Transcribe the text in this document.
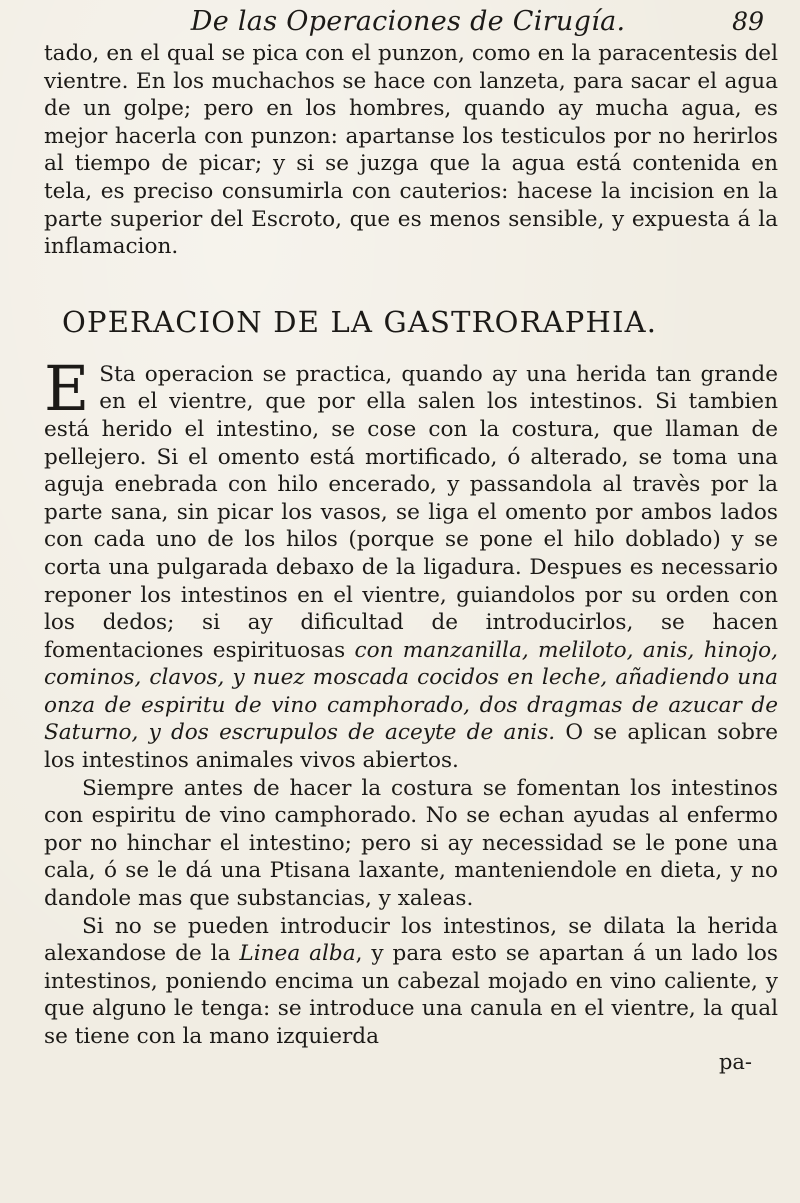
De las Operaciones de Cirugía.	89

tado, en el qual se pica con el punzon, como en la paracentesis del vientre. En los muchachos se hace con lanzeta, para sacar el agua de un golpe; pero en los hombres, quando ay mucha agua, es mejor hacerla con punzon: apartanse los testiculos por no herirlos al tiempo de picar; y si se juzga que la agua está contenida en tela, es preciso consumirla con cauterios: hacese la incision en la parte superior del Escroto, que es menos sensible, y expuesta á la inflamacion.

OPERACION DE LA GASTRORAPHIA.

E Sta operacion se practica, quando ay una herida tan grande en el vientre, que por ella salen los intestinos. Si tambien está herido el intestino, se cose con la costura, que llaman de pellejero. Si el omento está mortificado, ó alterado, se toma una aguja enebrada con hilo encerado, y passandola al travès por la parte sana, sin picar los vasos, se liga el omento por ambos lados con cada uno de los hilos (porque se pone el hilo doblado) y se corta una pulgarada debaxo de la ligadura. Despues es necessario reponer los intestinos en el vientre, guiandolos por su orden con los dedos; si ay dificultad de introducirlos, se hacen fomentaciones espirituosas con manzanilla, meliloto, anis, hinojo, cominos, clavos, y nuez moscada cocidos en leche, añadiendo una onza de espiritu de vino camphorado, dos dragmas de azucar de Saturno, y dos escrupulos de aceyte de anis. O se aplican sobre los intestinos animales vivos abiertos.

Siempre antes de hacer la costura se fomentan los intestinos con espiritu de vino camphorado. No se echan ayudas al enfermo por no hinchar el intestino; pero si ay necessidad se le pone una cala, ó se le dá una Ptisana laxante, manteniendole en dieta, y no dandole mas que substancias, y xaleas.

Si no se pueden introducir los intestinos, se dilata la herida alexandose de la Linea alba, y para esto se apartan á un lado los intestinos, poniendo encima un cabezal mojado en vino caliente, y que alguno le tenga: se introduce una canula en el vientre, la qual se tiene con la mano izquierda

pa-
